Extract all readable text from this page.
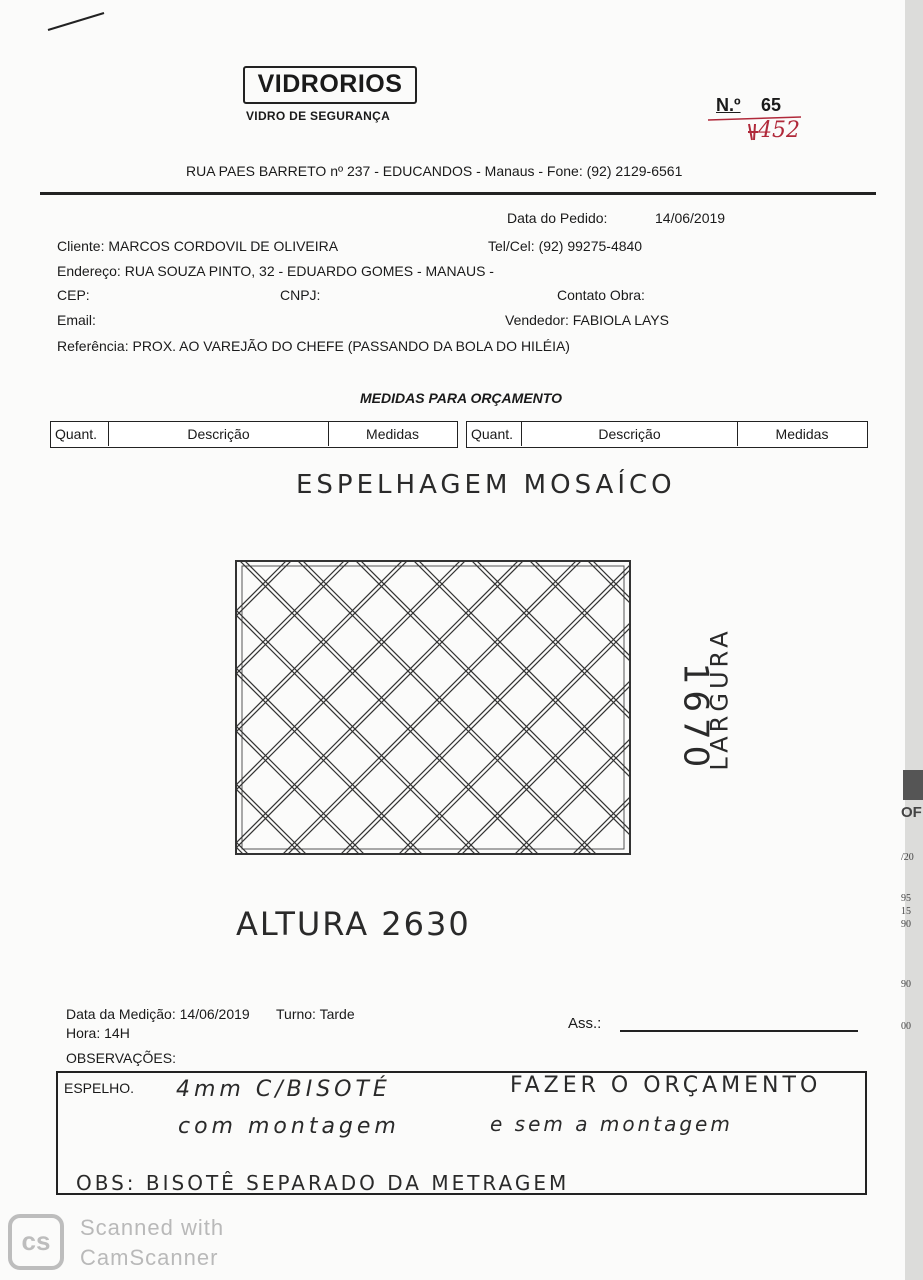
OF
/20
95
15
90
90
00
VIDRORIOS
VIDRO DE SEGURANÇA
N.º 65
452
RUA PAES BARRETO nº 237 - EDUCANDOS - Manaus - Fone: (92) 2129-6561
Data do Pedido:	14/06/2019
Cliente: MARCOS CORDOVIL DE OLIVEIRA	Tel/Cel: (92) 99275-4840
Endereço: RUA SOUZA PINTO, 32 - EDUARDO GOMES - MANAUS -
CEP:	CNPJ:	Contato Obra:
Email:	Vendedor: FABIOLA LAYS
Referência: PROX. AO VAREJÃO DO CHEFE (PASSANDO DA BOLA DO HILÉIA)
MEDIDAS PARA ORÇAMENTO
Quant.	Descrição	Medidas	Quant.	Descrição	Medidas
ESPELHAGEM MOSAÍCO
ALTURA 2630
1670
LARGURA
Data da Medição: 14/06/2019 Turno: Tarde
Hora: 14H
Ass.:
OBSERVAÇÕES:
ESPELHO. 4mm C/BISOTÉ	FAZER O ORÇAMENTO
com montagem	e sem a montagem
OBS: BISOTÊ SEPARADO DA METRAGEM
cs	Scanned with
CamScanner
